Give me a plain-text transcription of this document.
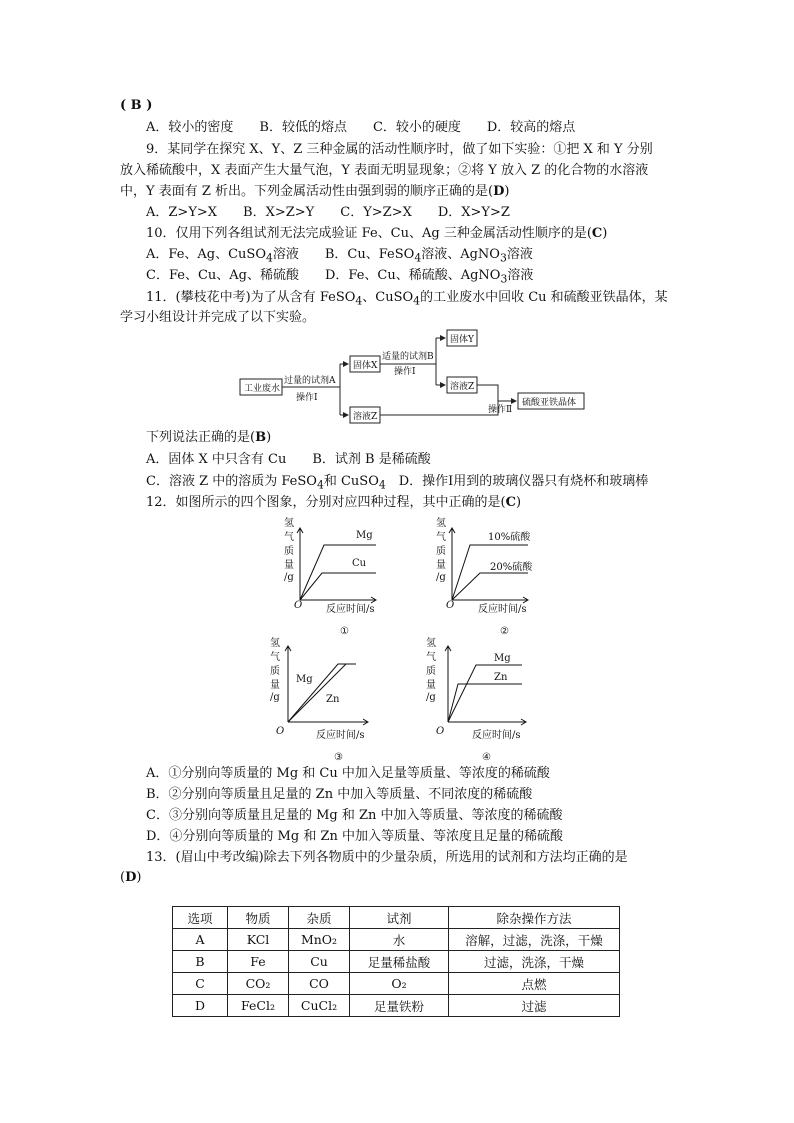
( B )
A．较小的密度　　B．较低的熔点　　C．较小的硬度　　D．较高的熔点
9．某同学在探究 X、Y、Z 三种金属的活动性顺序时，做了如下实验：①把 X 和 Y 分别
放入稀硫酸中，X 表面产生大量气泡，Y 表面无明显现象；②将 Y 放入 Z 的化合物的水溶液
中，Y 表面有 Z 析出。下列金属活动性由强到弱的顺序正确的是(D)
A．Z>Y>X　　B．X>Z>Y　　C．Y>Z>X　　D．X>Y>Z
10．仅用下列各组试剂无法完成验证 Fe、Cu、Ag 三种金属活动性顺序的是(C)
A．Fe、Ag、CuSO$_4$溶液　　B．Cu、FeSO$_4$溶液、AgNO$_3$溶液
C．Fe、Cu、Ag、稀硫酸　　D．Fe、Cu、稀硫酸、AgNO$_3$溶液
11．(攀枝花中考)为了从含有 FeSO$_4$、CuSO$_4$的工业废水中回收 Cu 和硫酸亚铁晶体，某
学习小组设计并完成了以下实验。
工业废水
过量的试剂A
操作Ⅰ
固体X
溶液Z
适量的试剂B
操作Ⅰ
固体Y
溶液Z
操作Ⅱ
硫酸亚铁晶体
下列说法正确的是(B)
A．固体 X 中只含有 Cu　　B．试剂 B 是稀硫酸
C．溶液 Z 中的溶质为 FeSO$_4$和 CuSO$_4$　D．操作Ⅰ用到的玻璃仪器只有烧杯和玻璃棒
12．如图所示的四个图象，分别对应四种过程，其中正确的是(C)
氢
气
质
量
/g
O 反应时间/s
①
Mg
Cu
氢
气
质
量
/g
O 反应时间/s
②
10%硫酸
20%硫酸
氢
气
质
量
/g
O	反应时间/s
③
Mg
Zn
氢
气
质
量
/g
O	反应时间/s
④
Mg
Zn
A．①分别向等质量的 Mg 和 Cu 中加入足量等质量、等浓度的稀硫酸
B．②分别向等质量且足量的 Zn 中加入等质量、不同浓度的稀硫酸
C．③分别向等质量且足量的 Mg 和 Zn 中加入等质量、等浓度的稀硫酸
D．④分别向等质量的 Mg 和 Zn 中加入等质量、等浓度且足量的稀硫酸
13．(眉山中考改编)除去下列各物质中的少量杂质，所选用的试剂和方法均正确的是
(D)
选项	物质	杂质	试剂	除杂操作方法
A	KCl	MnO₂	水	溶解，过滤，洗涤，干燥
B	Fe	Cu	足量稀盐酸	过滤，洗涤，干燥
C	CO₂	CO	O₂	点燃
D	FeCl₂	CuCl₂	足量铁粉	过滤
